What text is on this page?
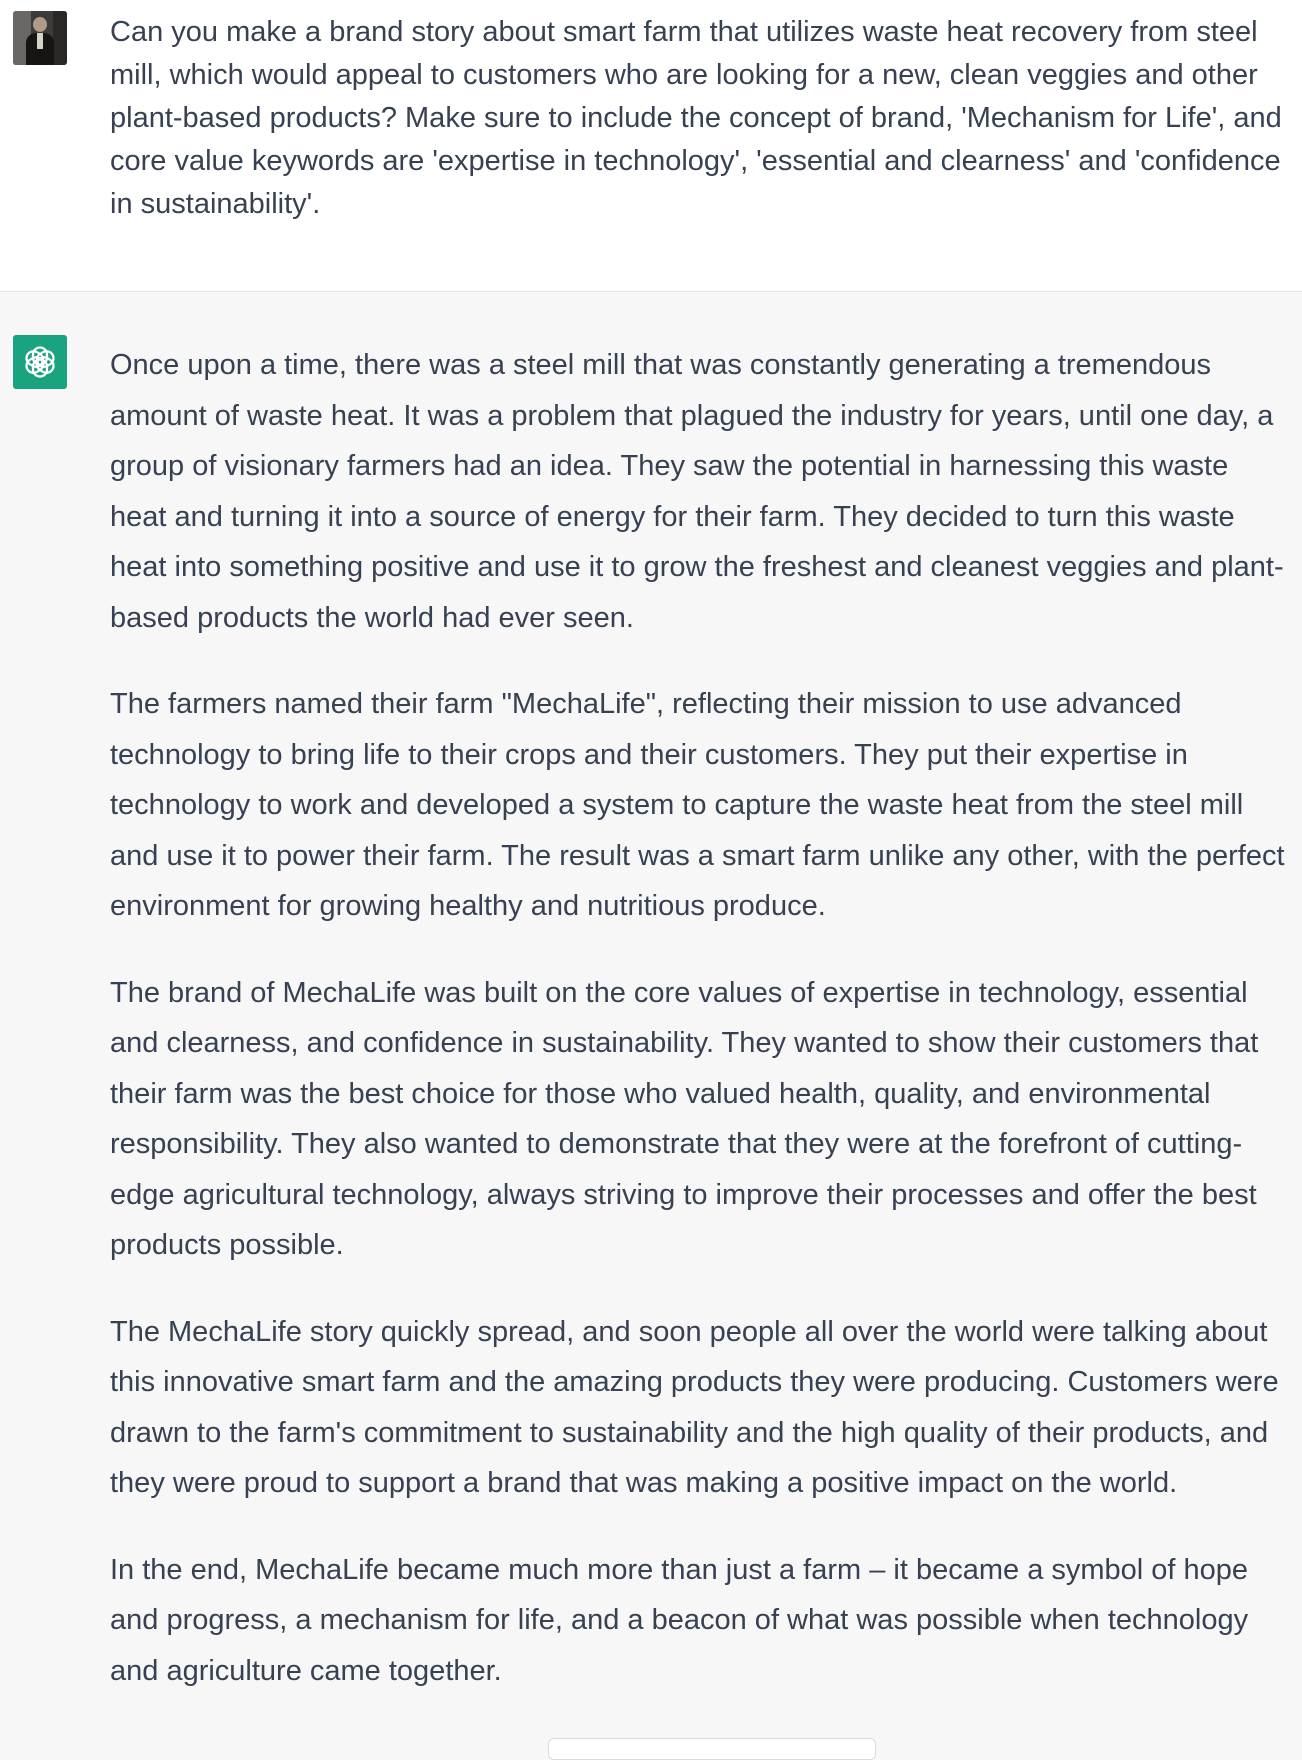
Can you make a brand story about smart farm that utilizes waste heat recovery from steel mill, which would appeal to customers who are looking for a new, clean veggies and other plant-based products? Make sure to include the concept of brand, 'Mechanism for Life', and core value keywords are 'expertise in technology', 'essential and clearness' and 'confidence in sustainability'.

Once upon a time, there was a steel mill that was constantly generating a tremendous amount of waste heat. It was a problem that plagued the industry for years, until one day, a group of visionary farmers had an idea. They saw the potential in harnessing this waste heat and turning it into a source of energy for their farm. They decided to turn this waste heat into something positive and use it to grow the freshest and cleanest veggies and plant-based products the world had ever seen.

The farmers named their farm "MechaLife", reflecting their mission to use advanced technology to bring life to their crops and their customers. They put their expertise in technology to work and developed a system to capture the waste heat from the steel mill and use it to power their farm. The result was a smart farm unlike any other, with the perfect environment for growing healthy and nutritious produce.

The brand of MechaLife was built on the core values of expertise in technology, essential and clearness, and confidence in sustainability. They wanted to show their customers that their farm was the best choice for those who valued health, quality, and environmental responsibility. They also wanted to demonstrate that they were at the forefront of cutting-edge agricultural technology, always striving to improve their processes and offer the best products possible.

The MechaLife story quickly spread, and soon people all over the world were talking about this innovative smart farm and the amazing products they were producing. Customers were drawn to the farm's commitment to sustainability and the high quality of their products, and they were proud to support a brand that was making a positive impact on the world.

In the end, MechaLife became much more than just a farm – it became a symbol of hope and progress, a mechanism for life, and a beacon of what was possible when technology and agriculture came together.
